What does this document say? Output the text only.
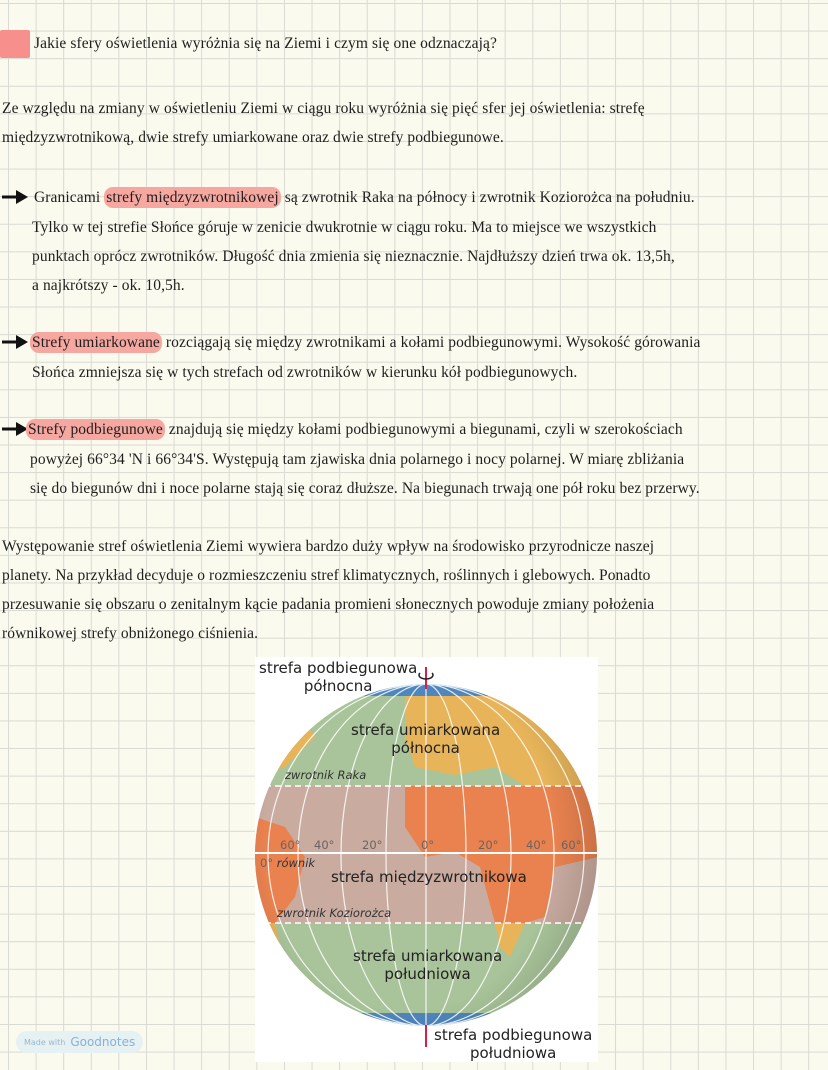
Jakie sfery oświetlenia wyróżnia się na Ziemi i czym się one odznaczają?
Ze względu na zmiany w oświetleniu Ziemi w ciągu roku wyróżnia się pięć sfer jej oświetlenia: strefę
międzyzwrotnikową, dwie strefy umiarkowane oraz dwie strefy podbiegunowe.
Granicami strefy międzyzwrotnikowej są zwrotnik Raka na północy i zwrotnik Koziorożca na południu.
Tylko w tej strefie Słońce góruje w zenicie dwukrotnie w ciągu roku. Ma to miejsce we wszystkich
punktach oprócz zwrotników. Długość dnia zmienia się nieznacznie. Najdłuższy dzień trwa ok. 13,5h,
a najkrótszy - ok. 10,5h.
Strefy umiarkowane rozciągają się między zwrotnikami a kołami podbiegunowymi. Wysokość górowania
Słońca zmniejsza się w tych strefach od zwrotników w kierunku kół podbiegunowych.
Strefy podbiegunowe znajdują się między kołami podbiegunowymi a biegunami, czyli w szerokościach
powyżej 66°34 'N i 66°34'S. Występują tam zjawiska dnia polarnego i nocy polarnej. W miarę zbliżania
się do biegunów dni i noce polarne stają się coraz dłuższe. Na biegunach trwają one pół roku bez przerwy.
Występowanie stref oświetlenia Ziemi wywiera bardzo duży wpływ na środowisko przyrodnicze naszej
planety. Na przykład decyduje o rozmieszczeniu stref klimatycznych, roślinnych i glebowych. Ponadto
przesuwanie się obszaru o zenitalnym kącie padania promieni słonecznych powoduje zmiany położenia
równikowej strefy obniżonego ciśnienia.
strefa podbiegunowa
północna
strefa umiarkowana
północna
zwrotnik Raka
60° 40° 20°	0°	20° 40° 60°
0° równik
strefa międzyzwrotnikowa
zwrotnik Koziorożca
strefa umiarkowana
południowa
strefa podbiegunowa
południowa
Made with Goodnotes
